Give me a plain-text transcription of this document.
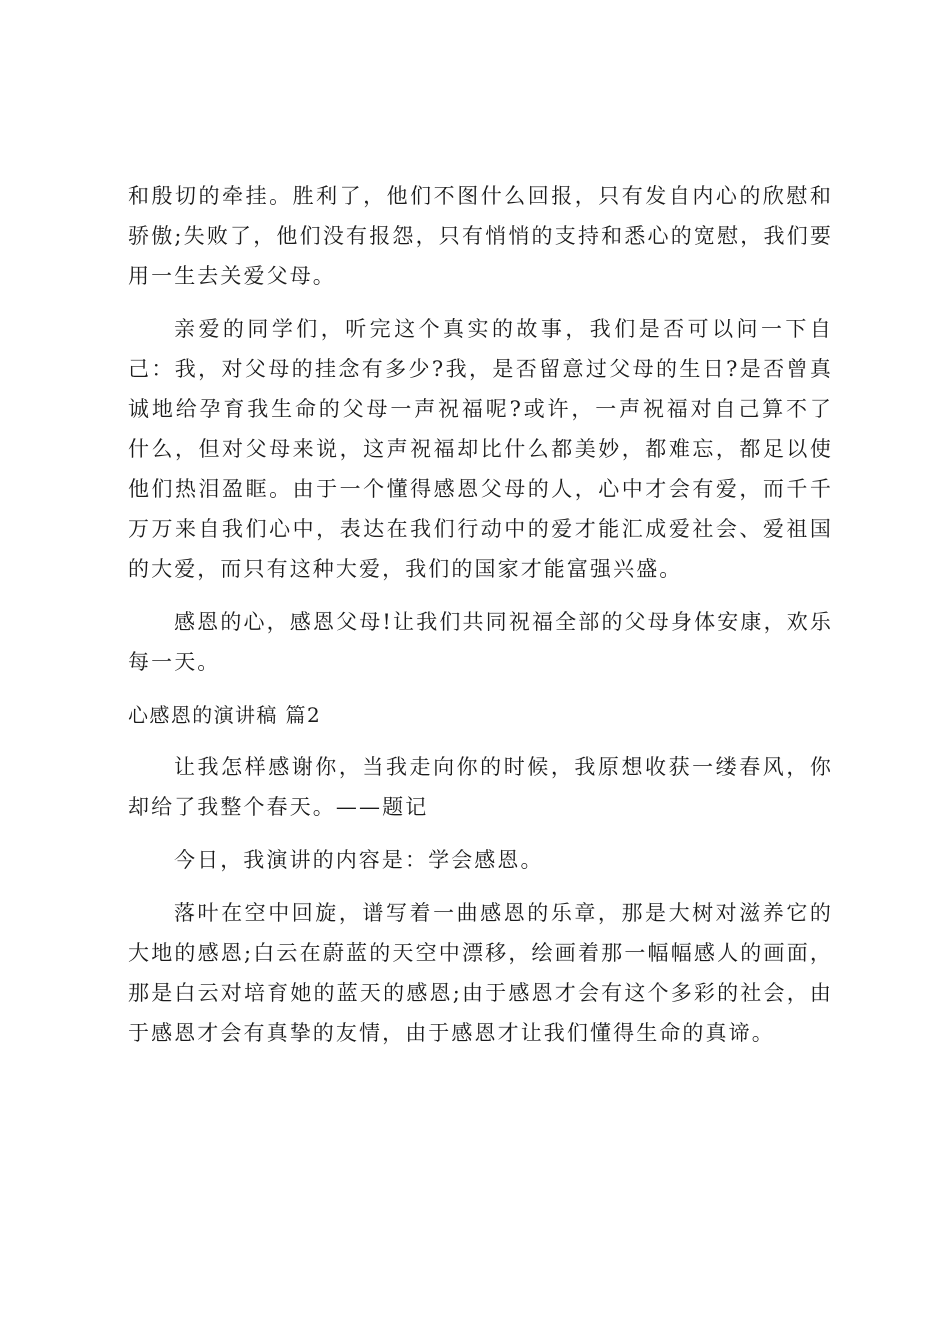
和殷切的牵挂。胜利了，他们不图什么回报，只有发自内心的欣慰和骄傲;失败了，他们没有报怨，只有悄悄的支持和悉心的宽慰，我们要用一生去关爱父母。

亲爱的同学们，听完这个真实的故事，我们是否可以问一下自己：我，对父母的挂念有多少?我，是否留意过父母的生日?是否曾真诚地给孕育我生命的父母一声祝福呢?或许，一声祝福对自己算不了什么，但对父母来说，这声祝福却比什么都美妙，都难忘，都足以使他们热泪盈眶。由于一个懂得感恩父母的人，心中才会有爱，而千千万万来自我们心中，表达在我们行动中的爱才能汇成爱社会、爱祖国的大爱，而只有这种大爱，我们的国家才能富强兴盛。

感恩的心，感恩父母!让我们共同祝福全部的父母身体安康，欢乐每一天。

心感恩的演讲稿 篇2

让我怎样感谢你，当我走向你的时候，我原想收获一缕春风，你却给了我整个春天。——题记

今日，我演讲的内容是：学会感恩。

落叶在空中回旋，谱写着一曲感恩的乐章，那是大树对滋养它的大地的感恩;白云在蔚蓝的天空中漂移，绘画着那一幅幅感人的画面，那是白云对培育她的蓝天的感恩;由于感恩才会有这个多彩的社会，由于感恩才会有真挚的友情，由于感恩才让我们懂得生命的真谛。
